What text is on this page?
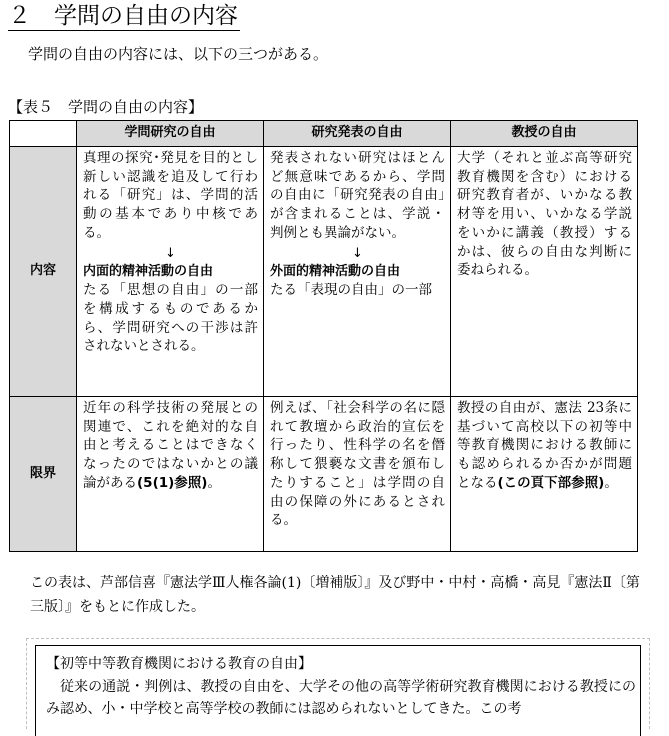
２　学問の自由の内容
学問の自由の内容には、以下の三つがある。
【表５　学問の自由の内容】
	学問研究の自由	研究発表の自由	教授の自由
内容	真理の探究･発見を目的とし新しい認識を追及して行われる「研究」は、学問的活動の基本であり中核である。
↓
内面的精神活動の自由
たる「思想の自由」の一部を構成するものであるから、学問研究への干渉は許されないとされる。	発表されない研究はほとんど無意味であるから、学問の自由に「研究発表の自由」が含まれることは、学説・判例とも異論がない。
↓
外面的精神活動の自由
たる「表現の自由」の一部	大学（それと並ぶ高等研究教育機関を含む）における研究教育者が、いかなる教材等を用い、いかなる学説をいかに講義（教授）するかは、彼らの自由な判断に委ねられる。
限界	近年の科学技術の発展との関連で、これを絶対的な自由と考えることはできなくなったのではないかとの議論がある(5(1)参照)。	例えば、「社会科学の名に隠れて教壇から政治的宣伝を行ったり、性科学の名を僭称して猥褻な文書を頒布したりすること」は学問の自由の保障の外にあるとされる。	教授の自由が、憲法 23条に基づいて高校以下の初等中等教育機関における教師にも認められるか否かが問題となる(この頁下部参照)。
この表は、芦部信喜『憲法学Ⅲ人権各論(1)〔増補版〕』及び野中・中村・高橋・高見『憲法Ⅱ〔第三版〕』をもとに作成した。
【初等中等教育機関における教育の自由】
従来の通説・判例は、教授の自由を、大学その他の高等学術研究教育機関における教授にのみ認め、小・中学校と高等学校の教師には認められないとしてきた。この考
